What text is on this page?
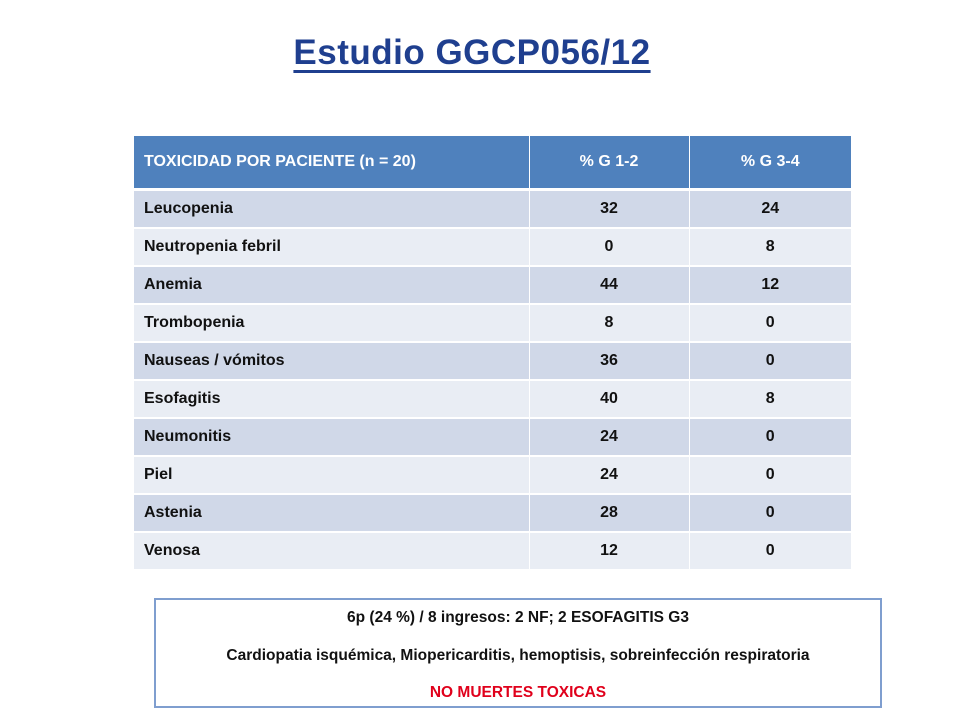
Estudio GGCP056/12
TOXICIDAD POR PACIENTE (n = 20)	% G 1-2	% G 3-4
Leucopenia	32	24
Neutropenia febril	0	8
Anemia	44	12
Trombopenia	8	0
Nauseas / vómitos	36	0
Esofagitis	40	8
Neumonitis	24	0
Piel	24	0
Astenia	28	0
Venosa	12	0
6p (24 %) / 8 ingresos: 2 NF; 2 ESOFAGITIS G3
Cardiopatia isquémica, Miopericarditis, hemoptisis, sobreinfección respiratoria
NO MUERTES TOXICAS
